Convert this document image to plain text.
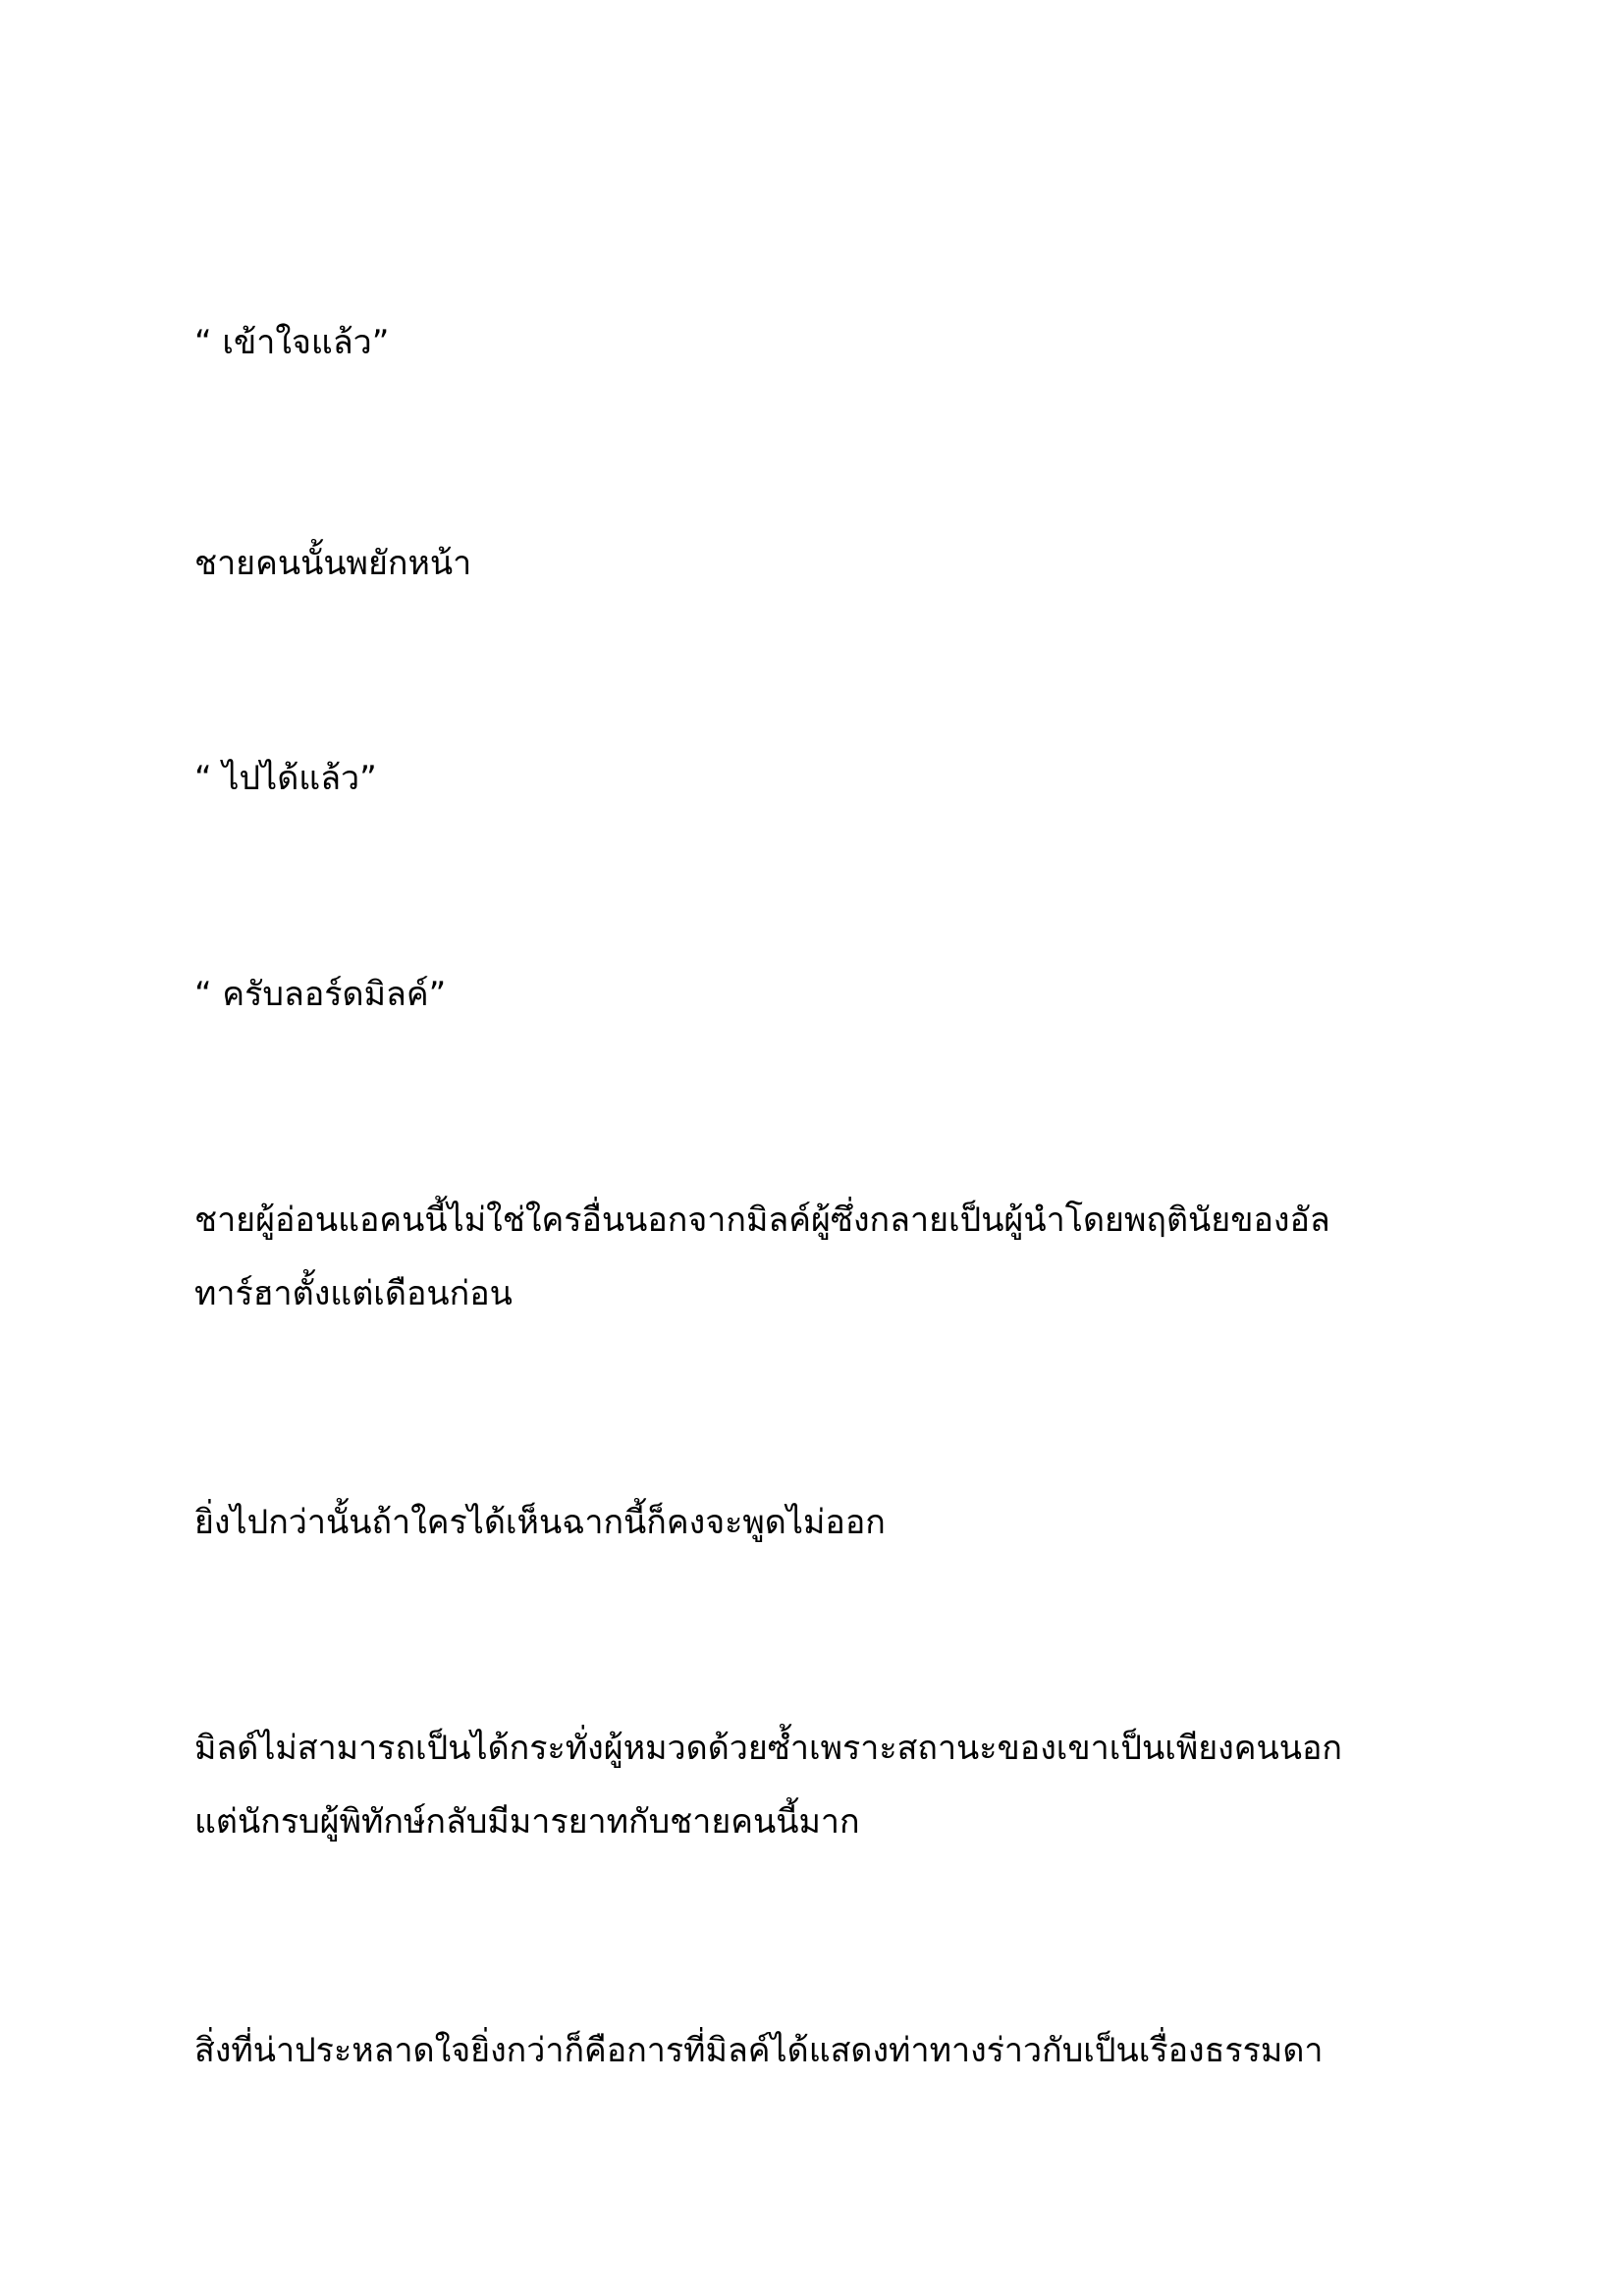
“ เข้าใจแล้ว”

ชายคนนั้นพยักหน้า

“ ไปได้แล้ว”

“ ครับลอร์ดมิลค์”

ชายผู้อ่อนแอคนนี้ไม่ใช่ใครอื่นนอกจากมิลค์ผู้ซึ่งกลายเป็นผู้นำโดยพฤตินัยของอัล
ทาร์ฮาตั้งแต่เดือนก่อน

ยิ่งไปกว่านั้นถ้าใครได้เห็นฉากนี้ก็คงจะพูดไม่ออก

มิลด์ไม่สามารถเป็นได้กระทั่งผู้หมวดด้วยซ้ำเพราะสถานะของเขาเป็นเพียงคนนอก
แต่นักรบผู้พิทักษ์กลับมีมารยาทกับชายคนนี้มาก

สิ่งที่น่าประหลาดใจยิ่งกว่าก็คือการที่มิลค์ได้แสดงท่าทางร่าวกับเป็นเรื่องธรรมดา
